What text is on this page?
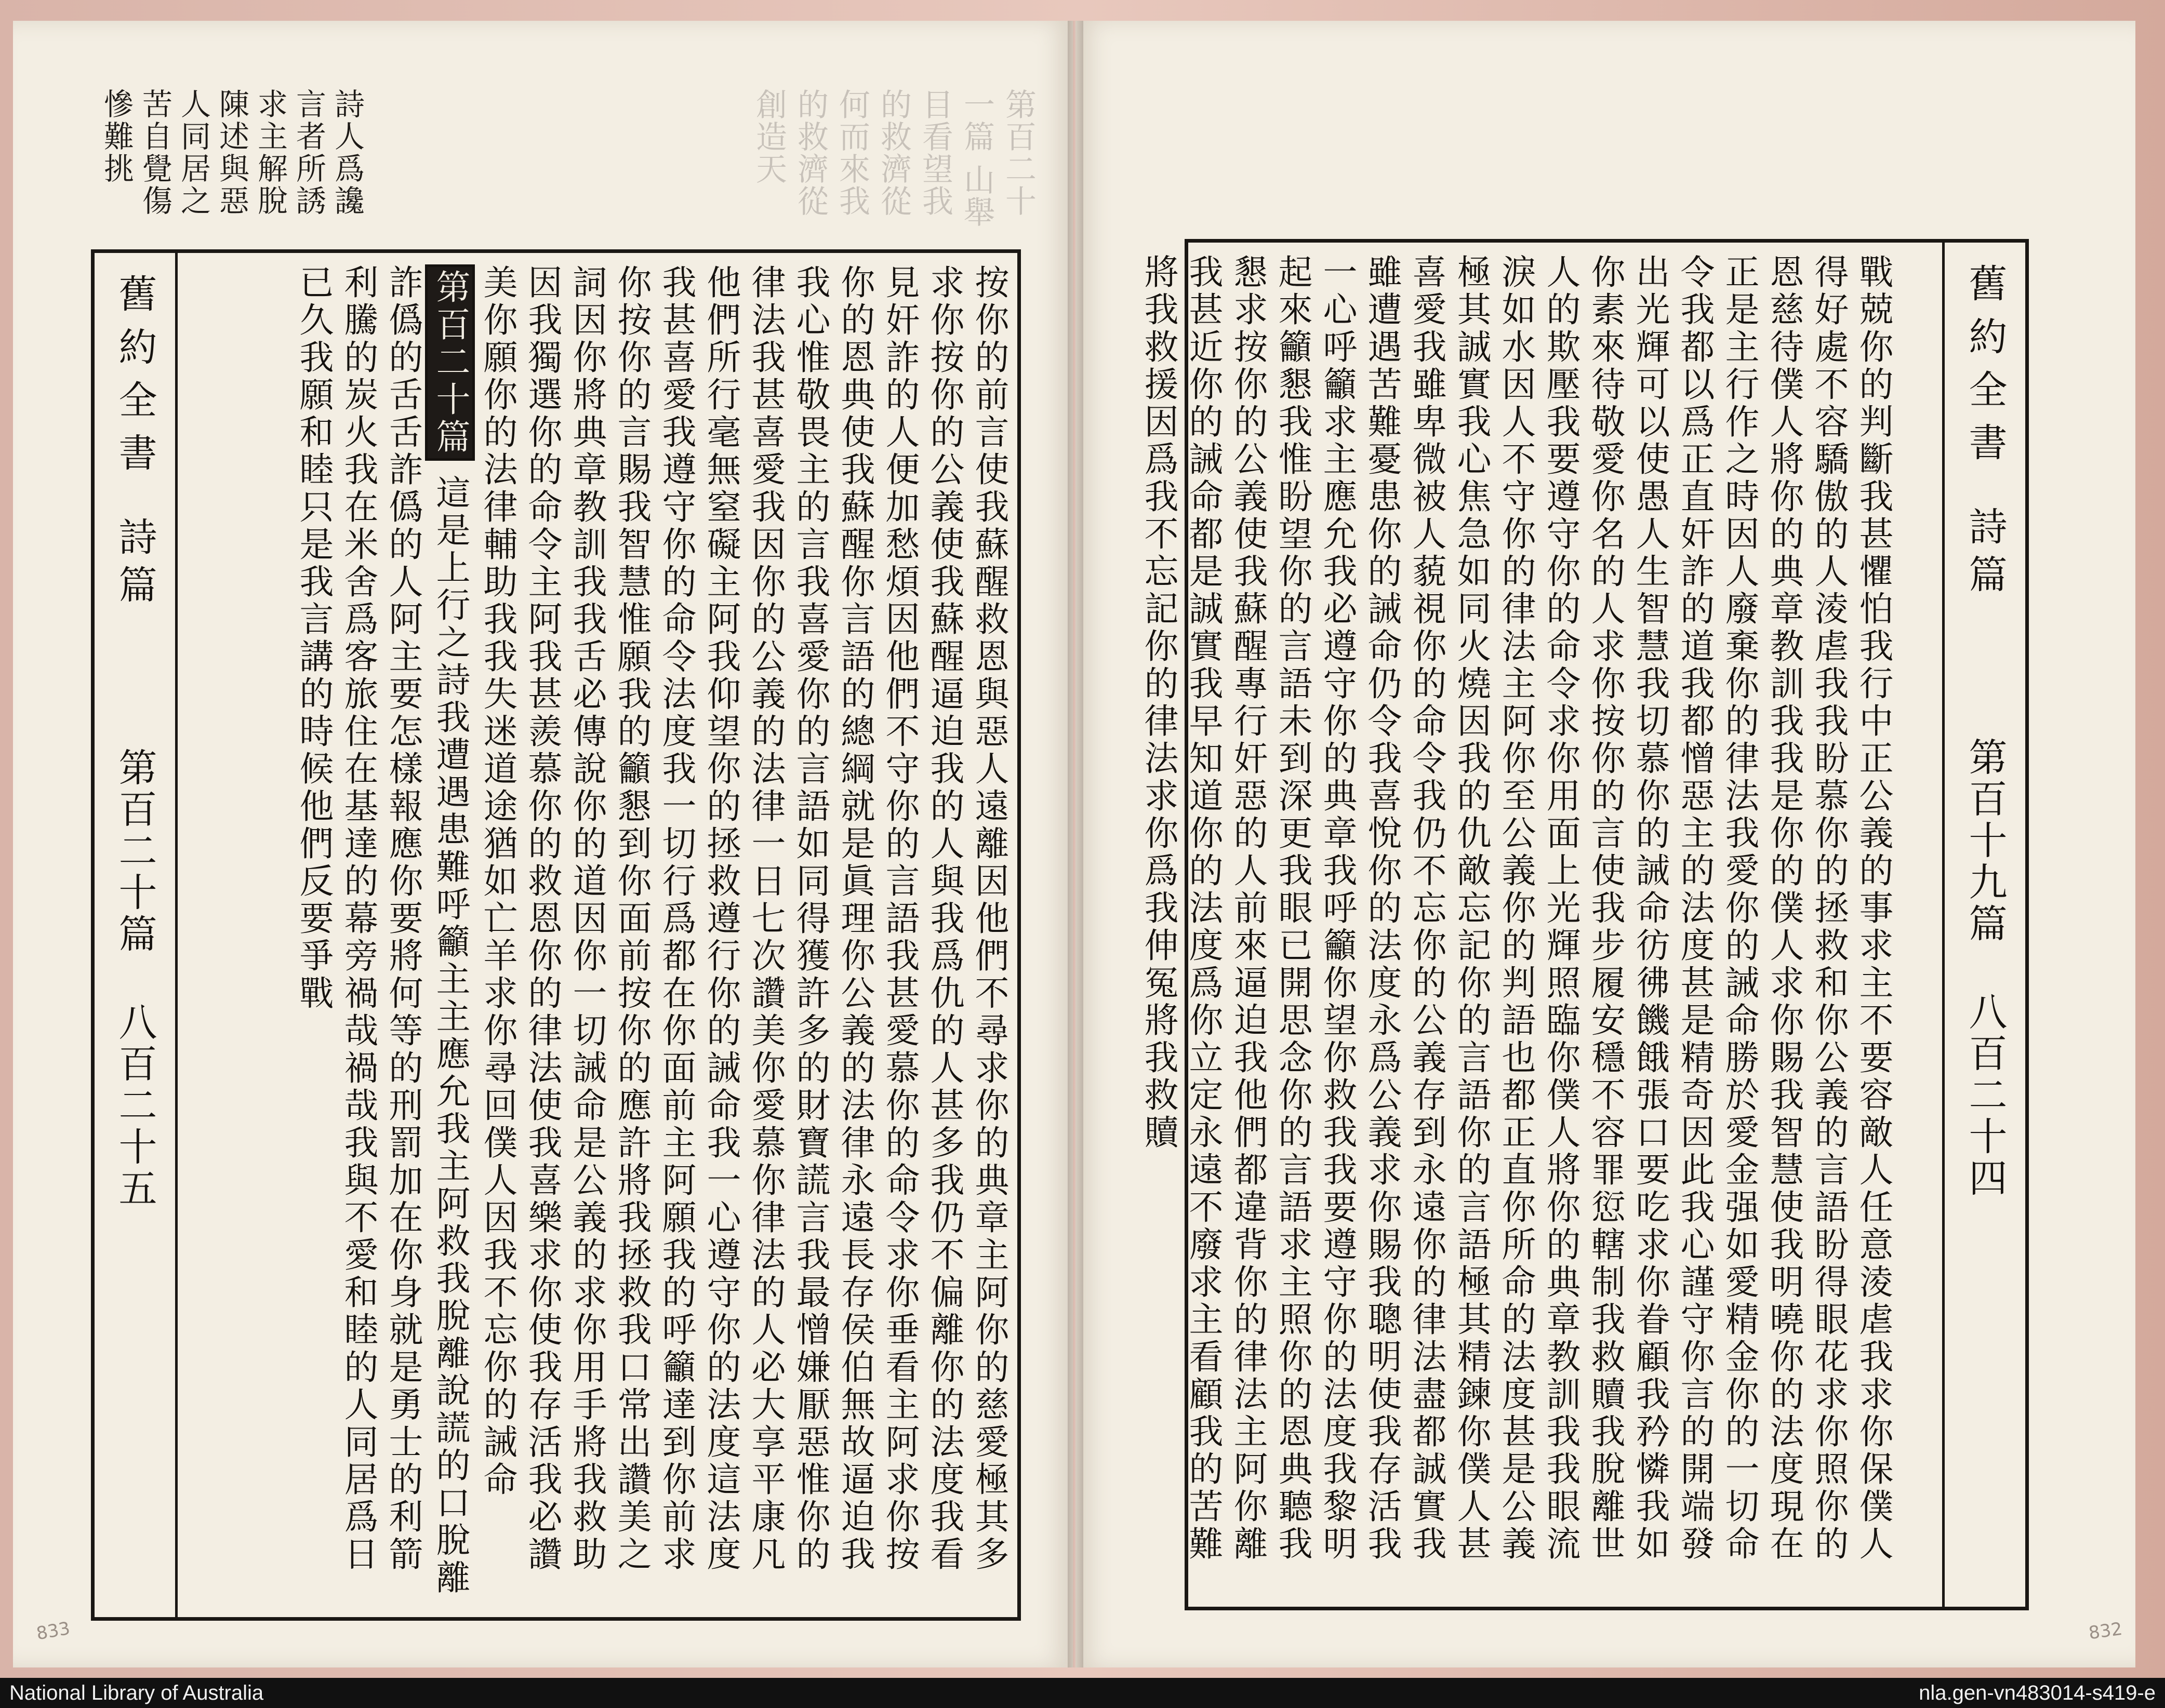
詩人爲讒言者所誘求主解脫陳述與惡人同居之苦自覺傷慘難挑	第百二十一篇 山舉目看望我的救濟從何而來我的救濟從創造天
舊約全書
詩篇
第百二十篇
八百二十五	按你的前言使我蘇醒救恩與惡人遠離因他們不尋求你的典章主阿你的慈愛極其多求你按你的公義使我蘇醒逼迫我的人與我爲仇的人甚多我仍不偏離你的法度我看見奸詐的人便加愁煩因他們不守你的言語我甚愛慕你的命令求你垂看主阿求你按你的恩典使我蘇醒你言語的總綱就是眞理你公義的法律永遠長存侯伯無故逼迫我我心惟敬畏主的言我喜愛你的言語如同得獲許多的財寶謊言我最憎嫌厭惡惟你的律法我甚喜愛我因你的公義的法律一日七次讚美你愛慕你律法的人必大享平康凡他們所行毫無窒礙主阿我仰望你的拯救遵行你的誡命我一心遵守你的法度這法度我甚喜愛我遵守你的命令法度我一切行爲都在你面前主阿願我的呼籲達到你前求你按你的言賜我智慧惟願我的籲懇到你面前按你的應許將我拯救我口常出讚美之詞因你將典章教訓我我舌必傳說你的道因你一切誡命是公義的求你用手將我救助因我獨選你的命令主阿我甚羨慕你的救恩你的律法使我喜樂求你使我存活我必讚美你願你的法律輔助我我失迷道途猶如亡羊求你尋回僕人因我不忘你的誡命 第百二十篇 這是上行之詩我遭遇患難呼籲主主應允我主阿救我脫離說謊的口脫離詐僞的舌舌詐僞的人阿主要怎樣報應你要將何等的刑罰加在你身就是勇士的利箭利騰的炭火我在米舍爲客旅住在基達的幕旁禍哉禍哉我與不愛和睦的人同居爲日已久我願和睦只是我言講的時候他們反要爭戰	戰兢你的判斷我甚懼怕我行中正公義的事求主不要容敵人任意淩虐我求你保僕人得好處不容驕傲的人淩虐我我盼慕你的拯救和你公義的言語盼得眼花求你照你的恩慈待僕人將你的典章教訓我我是你的僕人求你賜我智慧使我明曉你的法度現在正是主行作之時因人廢棄你的律法我愛你的誡命勝於愛金强如愛精金你的一切命令我都以爲正直奸詐的道我都憎惡主的法度甚是精奇因此我心謹守你言的開端發出光輝可以使愚人生智慧我切慕你的誡命彷彿饑餓張口要吃求你眷顧我矜憐我如你素來待敬愛你名的人求你按你的言使我步履安穩不容罪愆轄制我救贖我脫離世人的欺壓我要遵守你的命令求你用面上光輝照臨你僕人將你的典章教訓我我眼流淚如水因人不守你的律法主阿你至公義你的判語也都正直你所命的法度甚是公義極其誠實我心焦急如同火燒因我的仇敵忘記你的言語你的言語極其精鍊你僕人甚喜愛我雖卑微被人藐視你的命令我仍不忘你的公義存到永遠你的律法盡都誠實我雖遭遇苦難憂患你的誡命仍令我喜悅你的法度永爲公義求你賜我聰明使我存活我一心呼籲求主應允我必遵守你的典章我呼籲你望你救我我要遵守你的法度我黎明起來籲懇我惟盼望你的言語未到深更我眼已開思念你的言語求主照你的恩典聽我懇求按你的公義使我蘇醒專行奸惡的人前來逼迫我他們都違背你的律法主阿你離我甚近你的誡命都是誠實我早知道你的法度爲你立定永遠不廢求主看顧我的苦難將我救援因爲我不忘記你的律法求你爲我伸冤將我救贖	舊約全書
詩篇
第百十九篇
八百二十四
833	832
National Library of Australia	nla.gen-vn483014-s419-e
